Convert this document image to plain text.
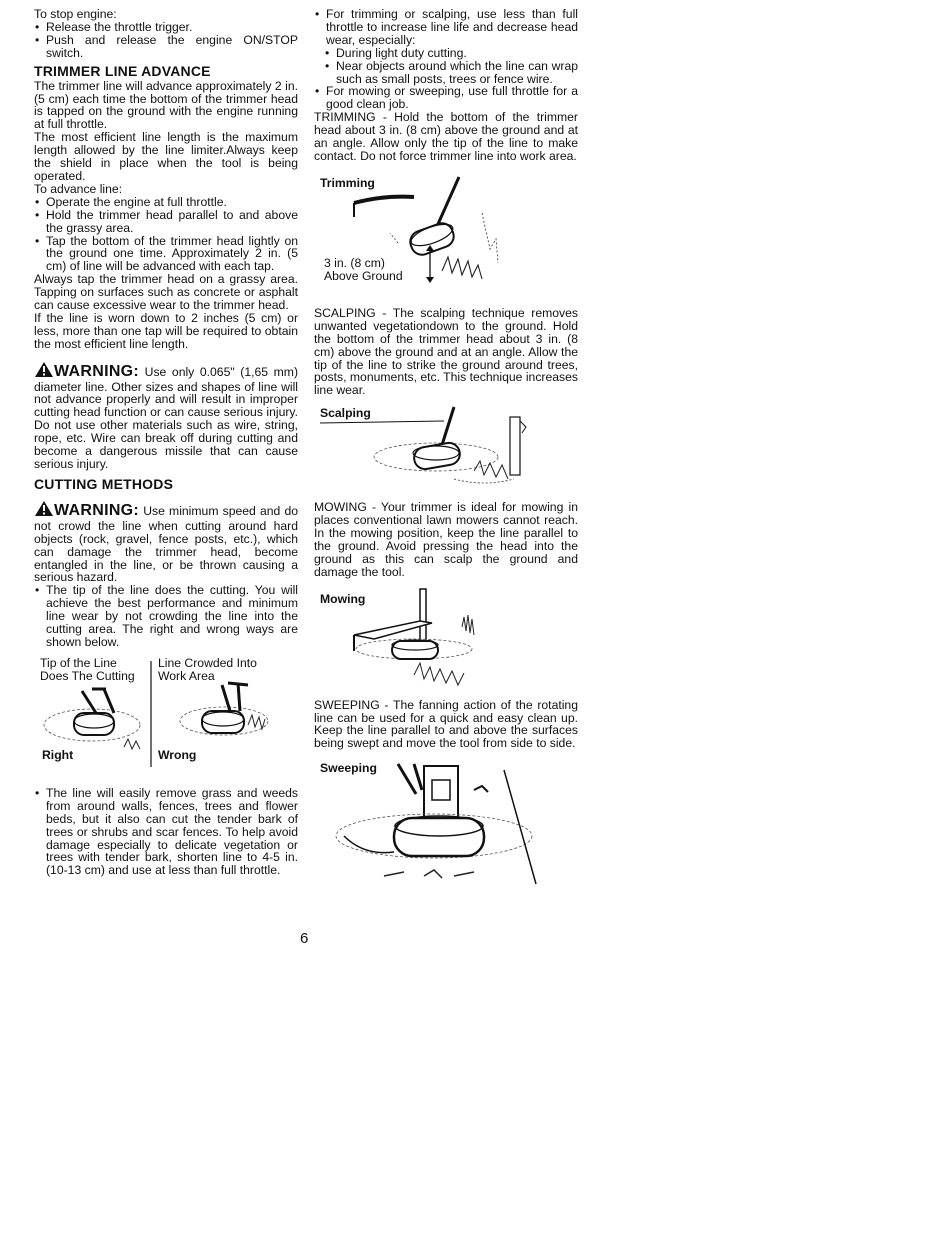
To stop engine:

• Release the throttle trigger.
• Push and release the engine ON/STOP switch.
TRIMMER LINE ADVANCE

The trimmer line will advance approximately 2 in. (5 cm) each time the bottom of the trimmer head is tapped on the ground with the engine running at full throttle.

The most efficient line length is the maximum length allowed by the line limiter.Always keep the shield in place when the tool is being operated.

To advance line:

• Operate the engine at full throttle.
• Hold the trimmer head parallel to and above the grassy area.
• Tap the bottom of the trimmer head lightly on the ground one time. Approximately 2 in. (5 cm) of line will be advanced with each tap.

Always tap the trimmer head on a grassy area. Tapping on surfaces such as concrete or asphalt can cause excessive wear to the trimmer head.

If the line is worn down to 2 inches (5 cm) or less, more than one tap will be required to obtain the most efficient line length.

WARNING: Use only 0.065" (1,65 mm) diameter line. Other sizes and shapes of line will not advance properly and will result in improper cutting head function or can cause serious injury. Do not use other materials such as wire, string, rope, etc. Wire can break off during cutting and become a dangerous missile that can cause serious injury.

CUTTING METHODS

WARNING: Use minimum speed and do not crowd the line when cutting around hard objects (rock, gravel, fence posts, etc.), which can damage the trimmer head, become entangled in the line, or be thrown causing a serious hazard.

• The tip of the line does the cutting. You will achieve the best performance and minimum line wear by not crowding the line into the cutting area. The right and wrong ways are shown below.
Tip of the Line Does The Cutting
Line Crowded Into Work Area
Right	Wrong
• The line will easily remove grass and weeds from around walls, fences, trees and flower beds, but it also can cut the tender bark of trees or shrubs and scar fences. To help avoid damage especially to delicate vegetation or trees with tender bark, shorten line to 4-5 in. (10-13 cm) and use at less than full throttle.
• For trimming or scalping, use less than full throttle to increase line life and decrease head wear, especially:
• During light duty cutting.
• Near objects around which the line can wrap such as small posts, trees or fence wire.
• For mowing or sweeping, use full throttle for a good clean job.

TRIMMING - Hold the bottom of the trimmer head about 3 in. (8 cm) above the ground and at an angle. Allow only the tip of the line to make contact. Do not force trimmer line into work area.

Trimming
3 in. (8 cm)
Above Ground

SCALPING - The scalping technique removes unwanted vegetationdown to the ground. Hold the bottom of the trimmer head about 3 in. (8 cm) above the ground and at an angle. Allow the tip of the line to strike the ground around trees, posts, monuments, etc. This technique increases line wear.

Scalping

MOWING - Your trimmer is ideal for mowing in places conventional lawn mowers cannot reach. In the mowing position, keep the line parallel to the ground. Avoid pressing the head into the ground as this can scalp the ground and damage the tool.

Mowing

SWEEPING - The fanning action of the rotating line can be used for a quick and easy clean up. Keep the line parallel to and above the surfaces being swept and move the tool from side to side.

Sweeping
6
